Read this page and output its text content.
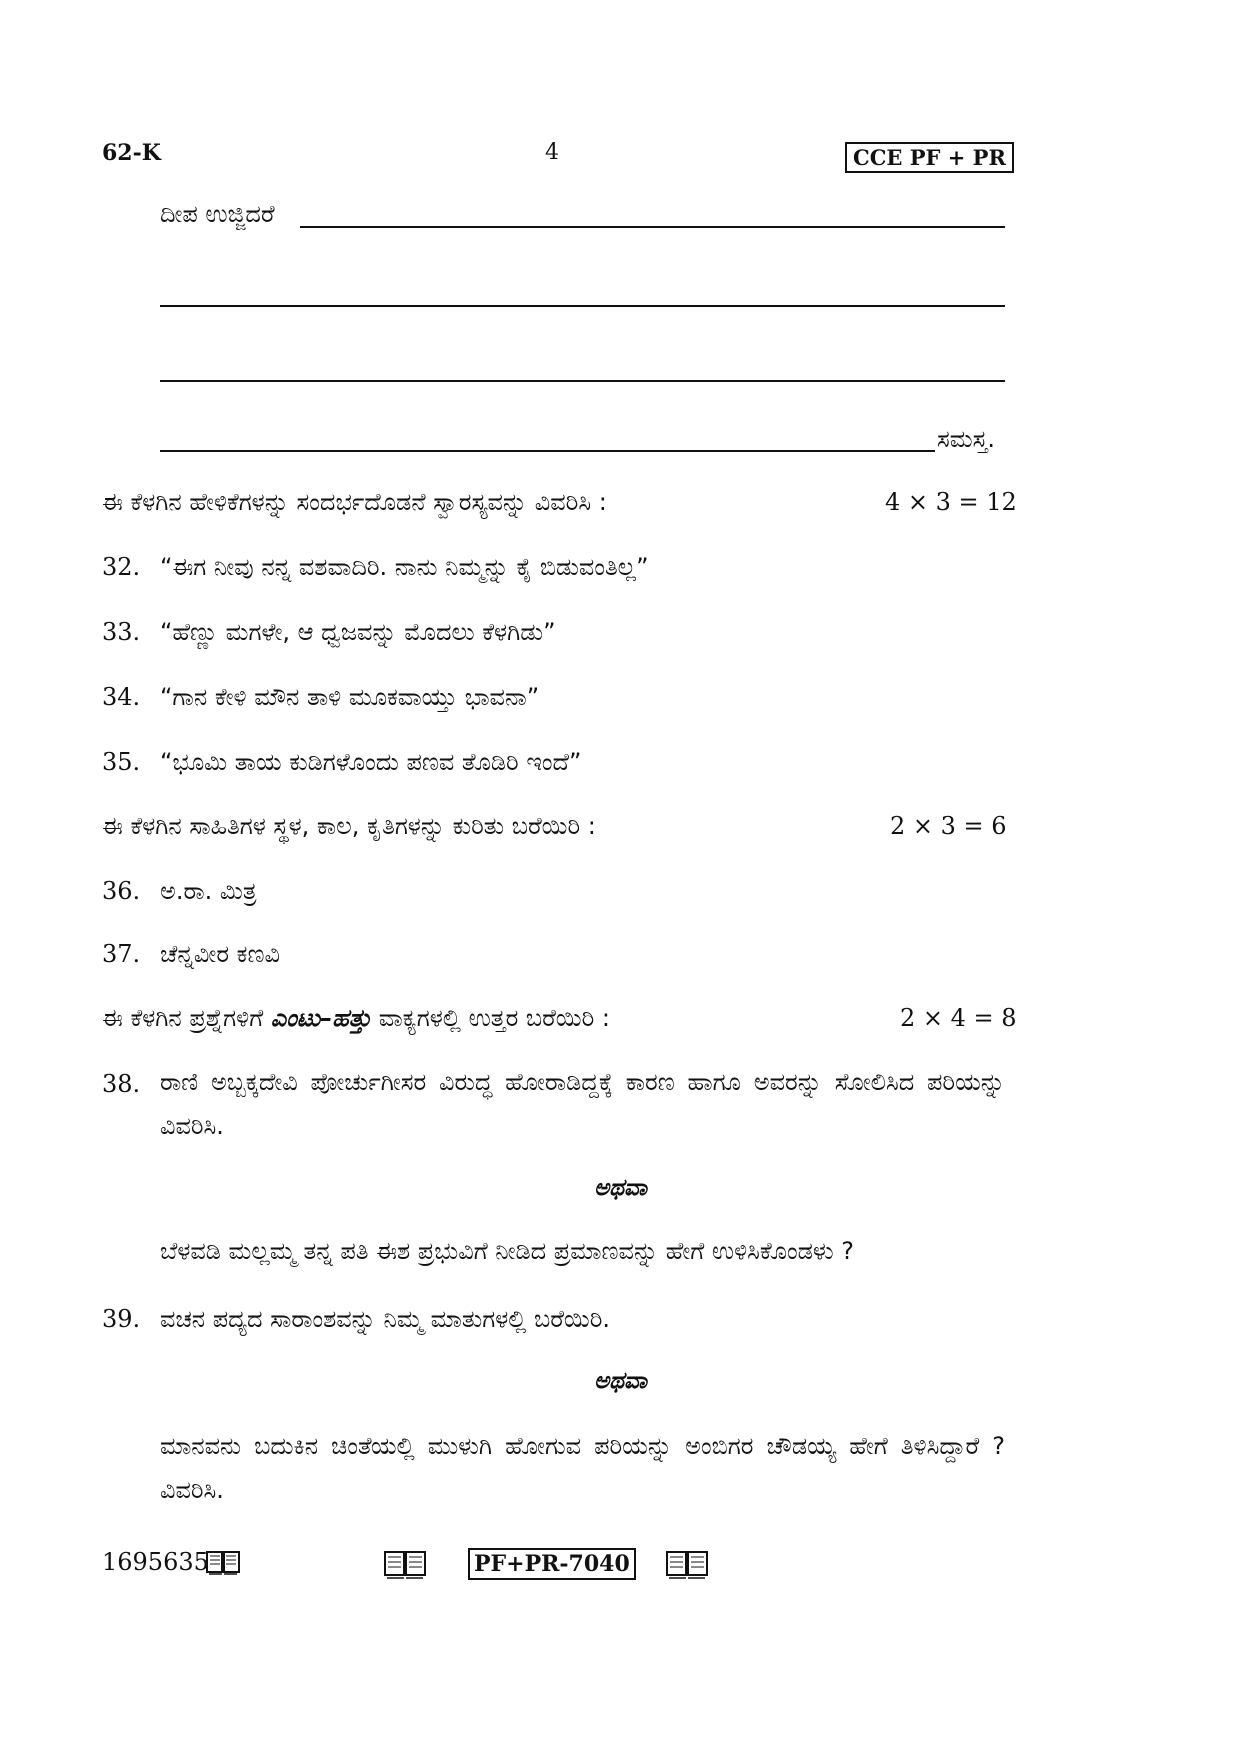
62-K	4	CCE PF + PR
ದೀಪ ಉಜ್ಜಿದರೆ
ಸಮಸ್ತ.
ಈ ಕೆಳಗಿನ ಹೇಳಿಕೆಗಳನ್ನು ಸಂದರ್ಭದೊಡನೆ ಸ್ವಾರಸ್ಯವನ್ನು ವಿವರಿಸಿ :	4 × 3 = 12
32. “ಈಗ ನೀವು ನನ್ನ ವಶವಾದಿರಿ. ನಾನು ನಿಮ್ಮನ್ನು ಕೈ ಬಿಡುವಂತಿಲ್ಲ”
33. “ಹೆಣ್ಣು ಮಗಳೇ, ಆ ಧ್ವಜವನ್ನು ಮೊದಲು ಕೆಳಗಿಡು”
34. “ಗಾನ ಕೇಳಿ ಮೌನ ತಾಳಿ ಮೂಕವಾಯ್ತು ಭಾವನಾ”
35. “ಭೂಮಿ ತಾಯ ಕುಡಿಗಳೊಂದು ಪಣವ ತೊಡಿರಿ ಇಂದೆ”
ಈ ಕೆಳಗಿನ ಸಾಹಿತಿಗಳ ಸ್ಥಳ, ಕಾಲ, ಕೃತಿಗಳನ್ನು ಕುರಿತು ಬರೆಯಿರಿ :	2 × 3 = 6
36. ಅ.ರಾ. ಮಿತ್ರ
37. ಚೆನ್ನವೀರ ಕಣವಿ
ಈ ಕೆಳಗಿನ ಪ್ರಶ್ನೆಗಳಿಗೆ ಎಂಟು–ಹತ್ತು ವಾಕ್ಯಗಳಲ್ಲಿ ಉತ್ತರ ಬರೆಯಿರಿ :	2 × 4 = 8
38. ರಾಣಿ ಅಬ್ಬಕ್ಕದೇವಿ ಪೋರ್ಚುಗೀಸರ ವಿರುದ್ಧ ಹೋರಾಡಿದ್ದಕ್ಕೆ ಕಾರಣ ಹಾಗೂ ಅವರನ್ನು ಸೋಲಿಸಿದ ಪರಿಯನ್ನು ವಿವರಿಸಿ.
ಅಥವಾ
ಬೆಳವಡಿ ಮಲ್ಲಮ್ಮ ತನ್ನ ಪತಿ ಈಶ ಪ್ರಭುವಿಗೆ ನೀಡಿದ ಪ್ರಮಾಣವನ್ನು ಹೇಗೆ ಉಳಿಸಿಕೊಂಡಳು ?
39. ವಚನ ಪದ್ಯದ ಸಾರಾಂಶವನ್ನು ನಿಮ್ಮ ಮಾತುಗಳಲ್ಲಿ ಬರೆಯಿರಿ.
ಅಥವಾ
ಮಾನವನು ಬದುಕಿನ ಚಿಂತೆಯಲ್ಲಿ ಮುಳುಗಿ ಹೋಗುವ ಪರಿಯನ್ನು ಅಂಬಿಗರ ಚೌಡಯ್ಯ ಹೇಗೆ ತಿಳಿಸಿದ್ದಾರೆ ? ವಿವರಿಸಿ.
1695635	PF+PR-7040
